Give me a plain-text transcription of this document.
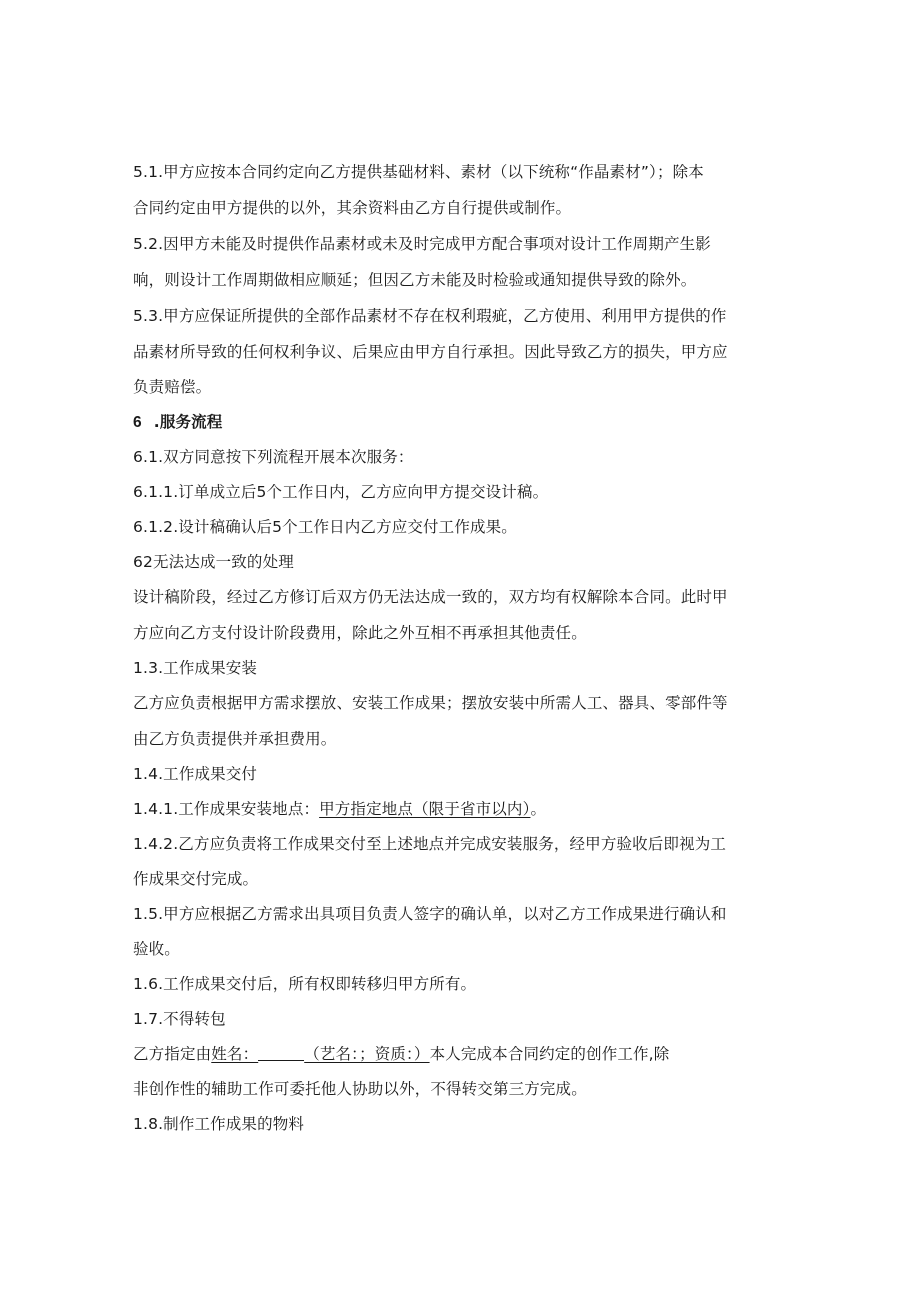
5.1.甲方应按本合同约定向乙方提供基础材料、素材（以下统称“作晶素材”）；除本
合同约定由甲方提供的以外，其余资料由乙方自行提供或制作。
5.2.因甲方未能及时提供作品素材或未及时完成甲方配合事项对设计工作周期产生影
响，则设计工作周期做相应顺延；但因乙方未能及时检验或通知提供导致的除外。
5.3.甲方应保证所提供的全部作品素材不存在权利瑕疵，乙方使用、利用甲方提供的作
品素材所导致的任何权利争议、后果应由甲方自行承担。因此导致乙方的损失，甲方应
负责赔偿。
6 .服务流程
6.1.双方同意按下列流程开展本次服务：
6.1.1.订单成立后5个工作日内，乙方应向甲方提交设计稿。
6.1.2.设计稿确认后5个工作日内乙方应交付工作成果。
62无法达成一致的处理
设计稿阶段，经过乙方修订后双方仍无法达成一致的，双方均有权解除本合同。此时甲
方应向乙方支付设计阶段费用，除此之外互相不再承担其他责任。
1.3.工作成果安装
乙方应负责根据甲方需求摆放、安装工作成果；摆放安装中所需人工、器具、零部件等
由乙方负责提供并承担费用。
1.4.工作成果交付
1.4.1.工作成果安装地点：甲方指定地点（限于省市以内）。
1.4.2.乙方应负责将工作成果交付至上述地点并完成安装服务，经甲方验收后即视为工
作成果交付完成。
1.5.甲方应根据乙方需求出具项目负责人签字的确认单，以对乙方工作成果进行确认和
验收。
1.6.工作成果交付后，所有权即转移归甲方所有。
1.7.不得转包
乙方指定由姓名：	（艺名：；资质：）本人完成本合同约定的创作工作,除
非创作性的辅助工作可委托他人协助以外，不得转交第三方完成。
1.8.制作工作成果的物料
